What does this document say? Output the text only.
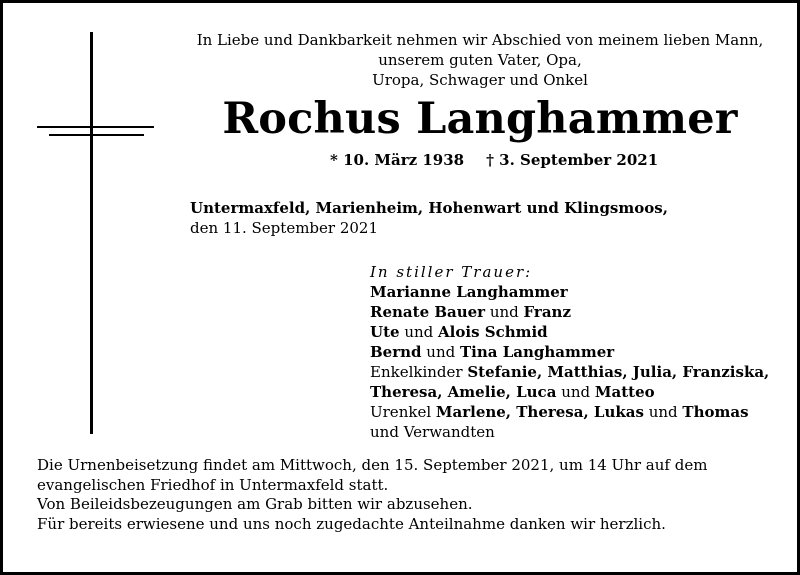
In Liebe und Dankbarkeit nehmen wir Abschied von meinem lieben Mann,
unserem guten Vater, Opa,
Uropa, Schwager und Onkel
Rochus Langhammer
* 10. März 1938 † 3. September 2021
Untermaxfeld, Marienheim, Hohenwart und Klingsmoos,
den 11. September 2021
In stiller Trauer:
Marianne Langhammer
Renate Bauer und Franz
Ute und Alois Schmid
Bernd und Tina Langhammer
Enkelkinder Stefanie, Matthias, Julia, Franziska,
Theresa, Amelie, Luca und Matteo
Urenkel Marlene, Theresa, Lukas und Thomas
und Verwandten
Die Urnenbeisetzung findet am Mittwoch, den 15. September 2021, um 14 Uhr auf dem
evangelischen Friedhof in Untermaxfeld statt.
Von Beileidsbezeugungen am Grab bitten wir abzusehen.
Für bereits erwiesene und uns noch zugedachte Anteilnahme danken wir herzlich.
